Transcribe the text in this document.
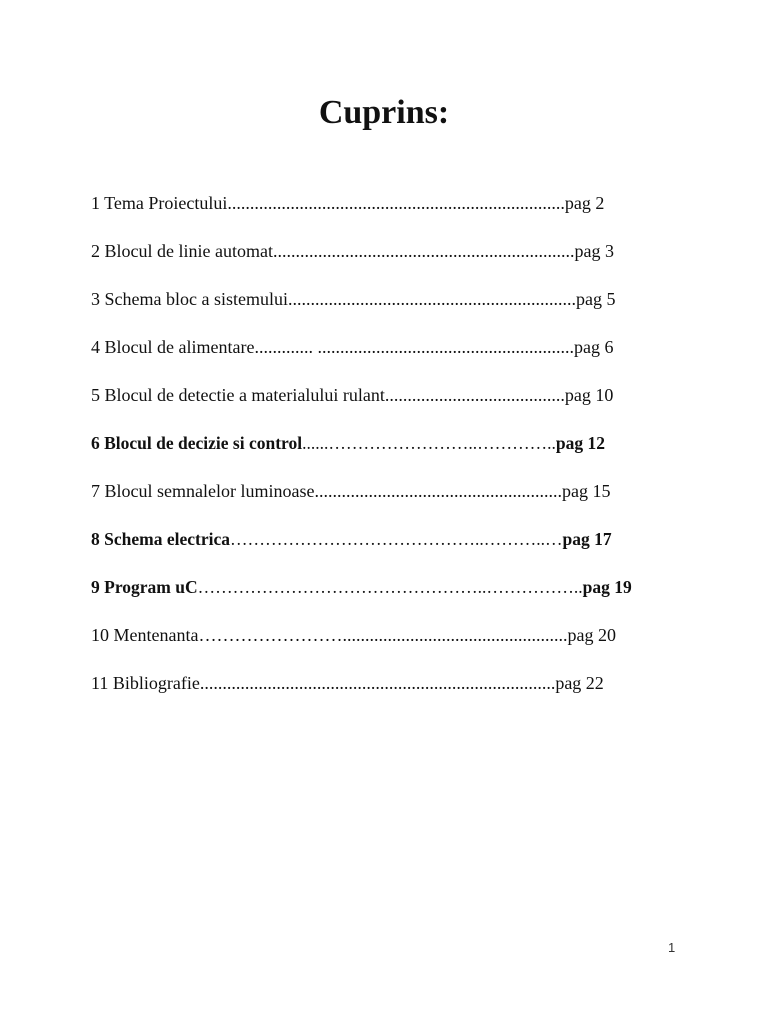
Cuprins:
1 Tema Proiectului...........................................................................pag 2
2 Blocul de linie automat...................................................................pag 3
3 Schema bloc a sistemului................................................................pag 5
4 Blocul de alimentare............. .........................................................pag 6
5 Blocul de detectie a materialului rulant........................................pag 10
6 Blocul de decizie si control......……………………..…………..pag 12
7 Blocul semnalelor luminoase.......................................................pag 15
8 Schema electrica……………………………………..………..…pag 17
9 Program uC…………………………………………..……………..pag 19
10 Mentenanta……………………..................................................pag 20
11 Bibliografie...............................................................................pag 22
1
